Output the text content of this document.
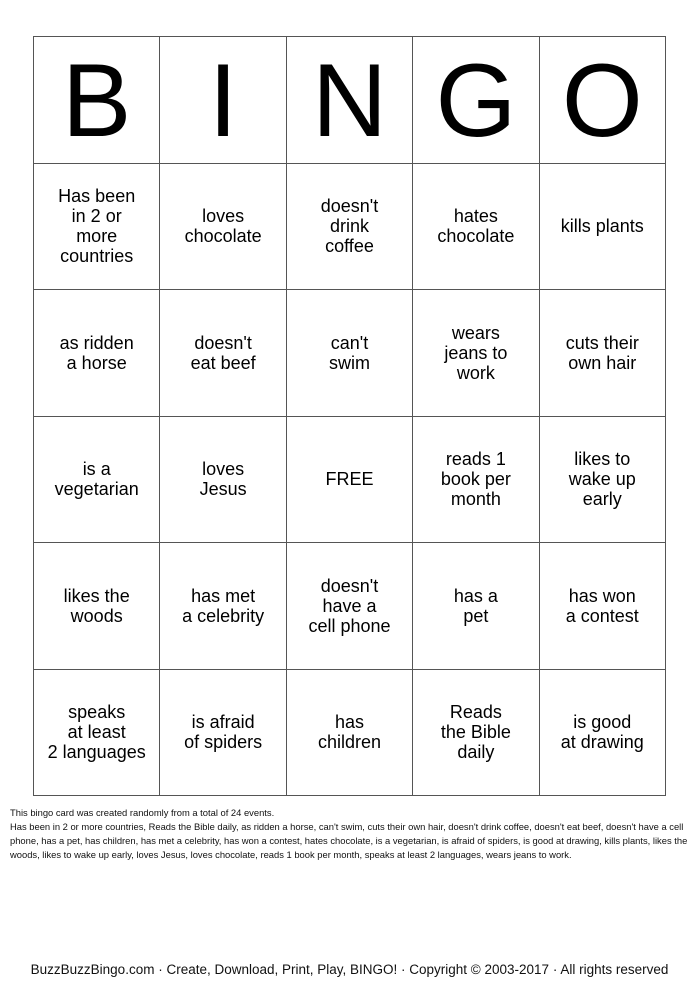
B I N G O
Has been
in 2 or
more
countries
loves
chocolate
doesn't
drink
coffee
hates
chocolate	kills plants
as ridden
a horse
doesn't
eat beef
can't
swim
wears
jeans to
work
cuts their
own hair
is a
vegetarian
loves
Jesus	FREE
reads 1
book per
month
likes to
wake up
early
likes the
woods
has met
a celebrity
doesn't
have a
cell phone
has a
pet
has won
a contest
speaks
at least
2 languages
is afraid
of spiders
has
children
Reads
the Bible
daily
is good
at drawing
This bingo card was created randomly from a total of 24 events.
Has been in 2 or more countries, Reads the Bible daily, as ridden a horse, can't swim, cuts their own hair, doesn't drink coffee, doesn't eat beef, doesn't have a cell phone, has a pet, has children, has met a celebrity, has won a contest, hates chocolate, is a vegetarian, is afraid of spiders, is good at drawing, kills plants, likes the woods, likes to wake up early, loves Jesus, loves chocolate, reads 1 book per month, speaks at least 2 languages, wears jeans to work.
BuzzBuzzBingo.com · Create, Download, Print, Play, BINGO! · Copyright © 2003-2017 · All rights reserved
